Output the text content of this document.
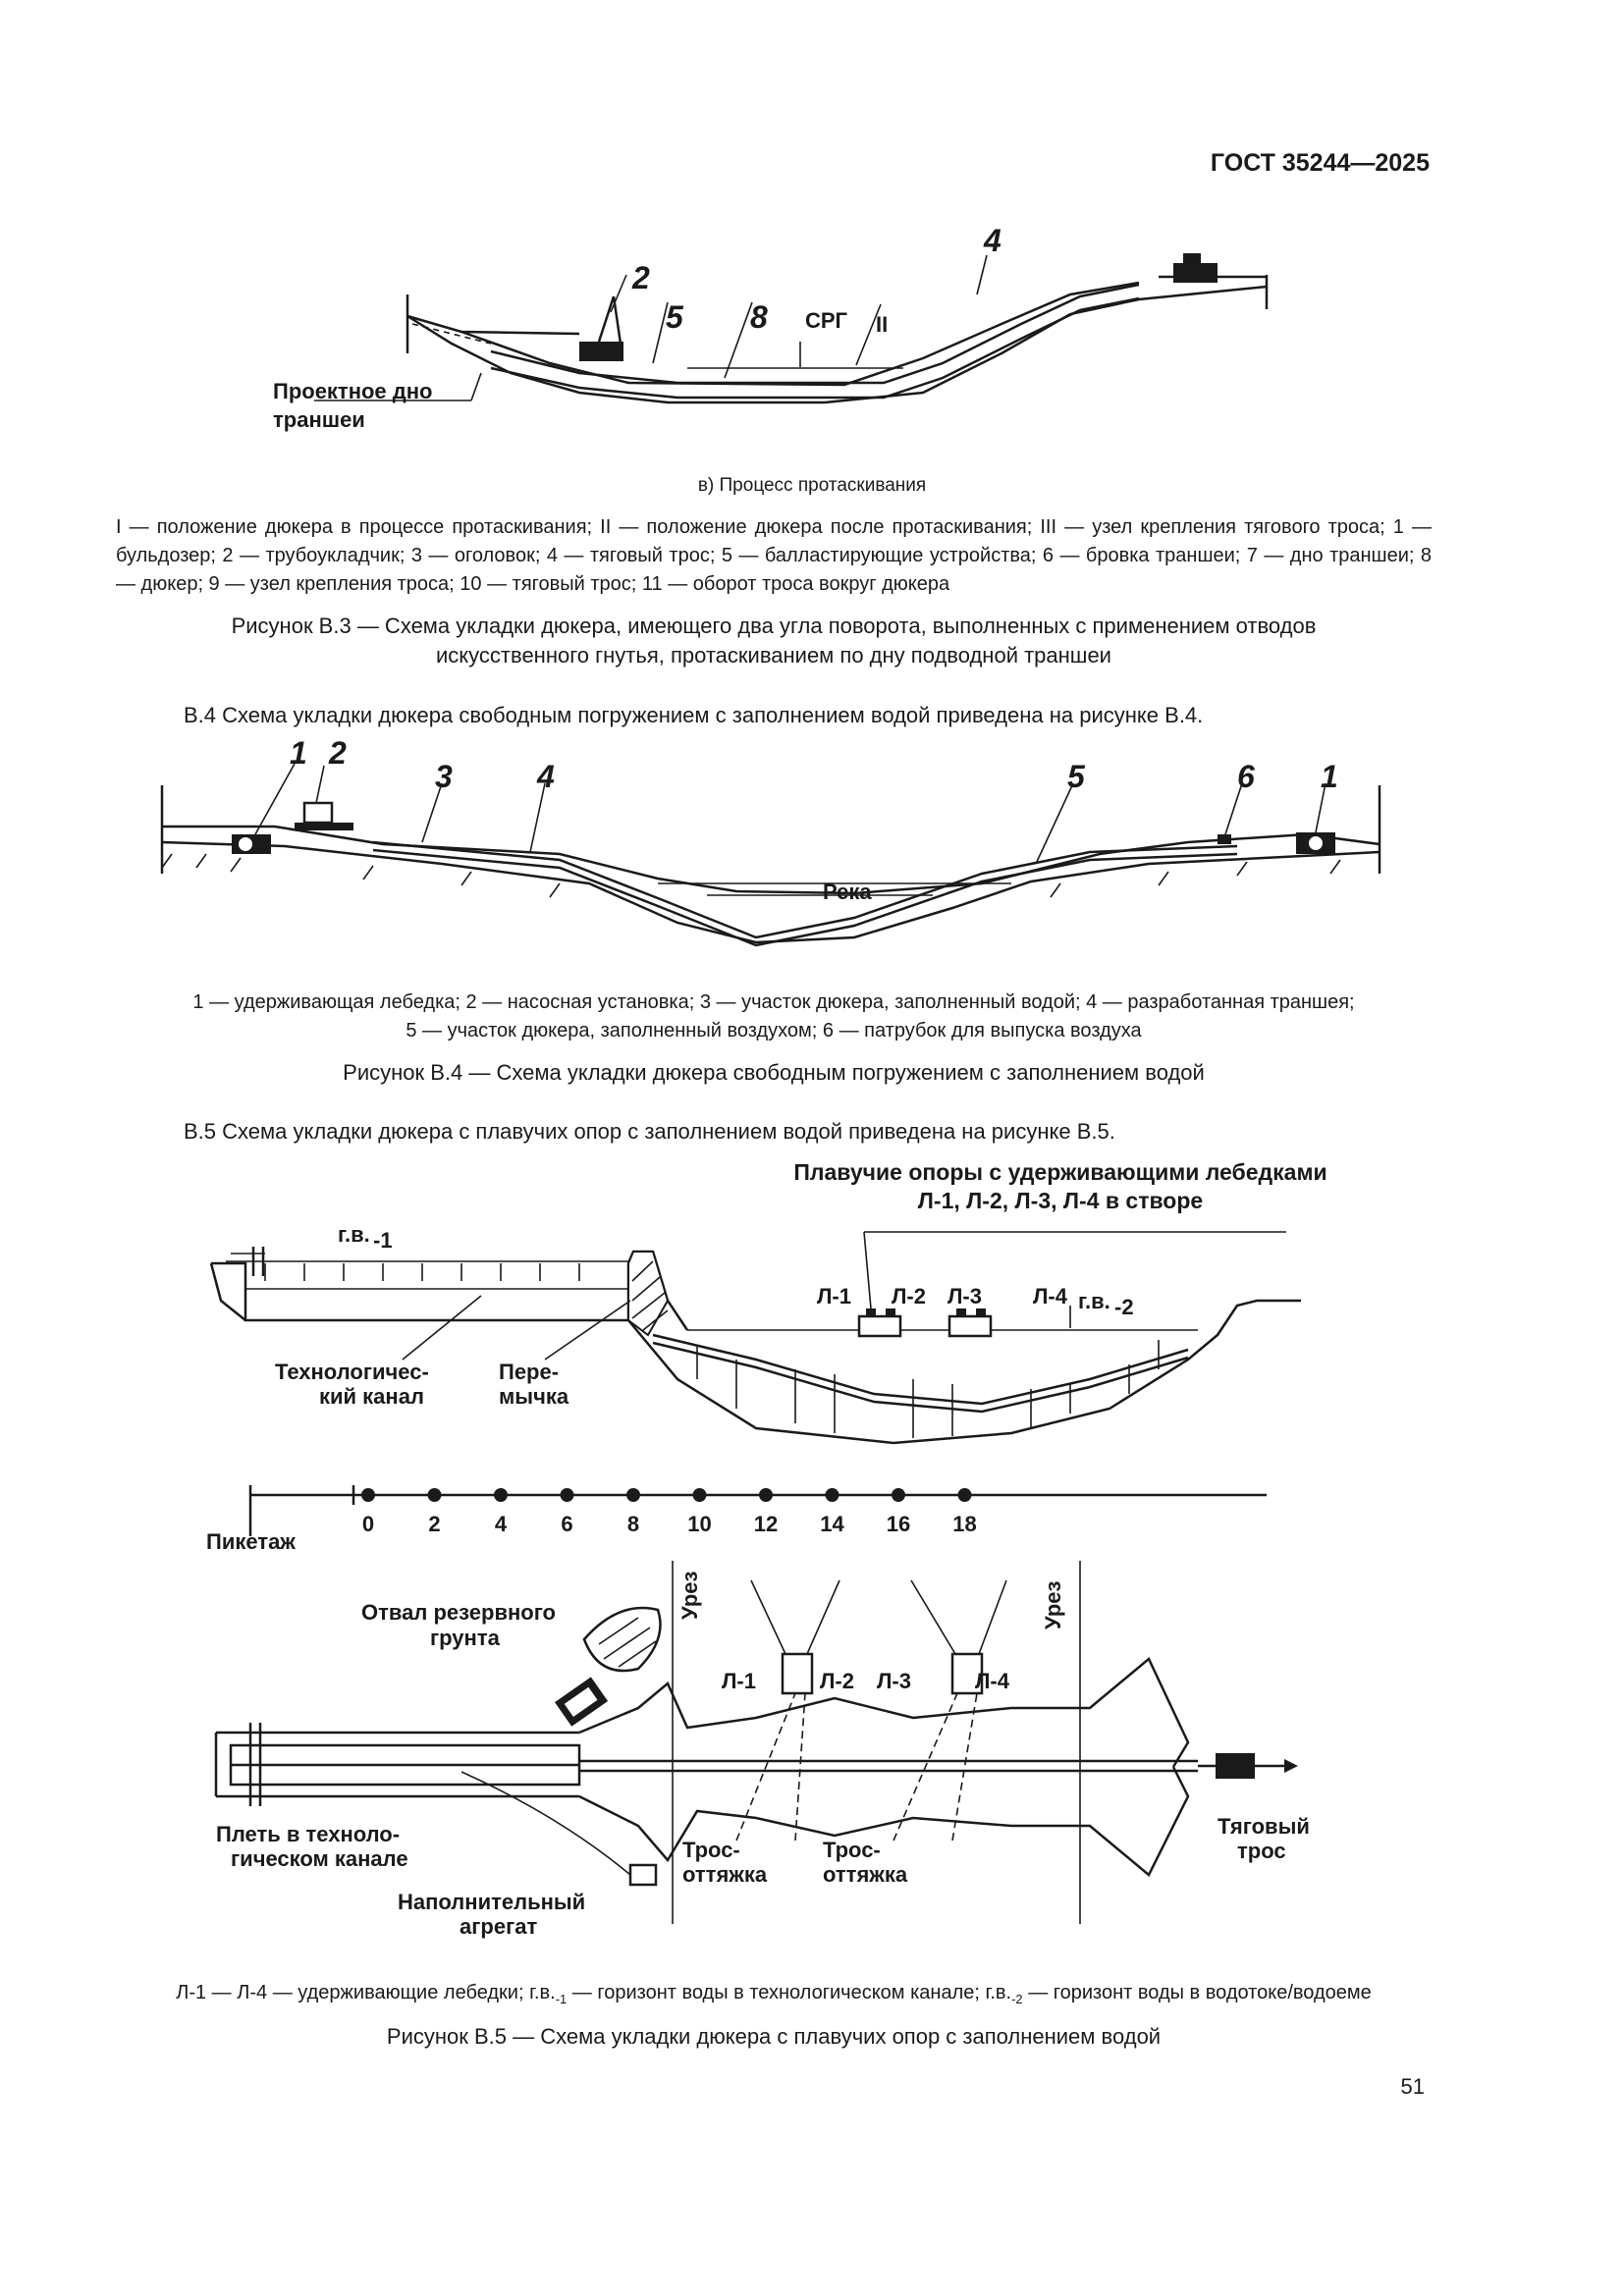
ГОСТ 35244—2025
2
5 8 СРГ II
4
Проектное дно
траншеи
в) Процесс протаскивания
I — положение дюкера в процессе протаскивания; II — положение дюкера после протаскивания; III — узел крепления тягового троса; 1 — бульдозер; 2 — трубоукладчик; 3 — оголовок; 4 — тяговый трос; 5 — балластирующие устройства; 6 — бровка траншеи; 7 — дно траншеи; 8 — дюкер; 9 — узел крепления троса; 10 — тяговый трос; 11 — оборот троса вокруг дюкера
Рисунок В.3 — Схема укладки дюкера, имеющего два угла поворота, выполненных с применением отводов
искусственного гнутья, протаскиванием по дну подводной траншеи
В.4 Схема укладки дюкера свободным погружением с заполнением водой приведена на рисунке В.4.
1 2
3	4	5	6 1
Река
1 — удерживающая лебедка; 2 — насосная установка; 3 — участок дюкера, заполненный водой; 4 — разработанная траншея;
5 — участок дюкера, заполненный воздухом; 6 — патрубок для выпуска воздуха
Рисунок В.4 — Схема укладки дюкера свободным погружением с заполнением водой
В.5 Схема укладки дюкера с плавучих опор с заполнением водой приведена на рисунке В.5.
Плавучие опоры с удерживающими лебедками
Л-1, Л-2, Л-3, Л-4 в створе
г.в. -1
г.в. -2
Л-1 Л-2 Л-3 Л-4
Технологичес-
кий канал
Пере-
мычка
0	2	4	6	8 10 12 14 16 18
Пикетаж
Отвал резервного
грунта
Урез	Урез
Л-1	Л-2 Л-3	Л-4
Плеть в техноло-
гическом канале
Наполнительный
агрегат
Трос-
оттяжка
Трос-
оттяжка
Тяговый
трос
Л-1 — Л-4 — удерживающие лебедки; $г.в._{-1}$ — горизонт воды в технологическом канале; $г.в._{-2}$ — горизонт воды в водотоке/водоеме
Рисунок В.5 — Схема укладки дюкера с плавучих опор с заполнением водой
51
